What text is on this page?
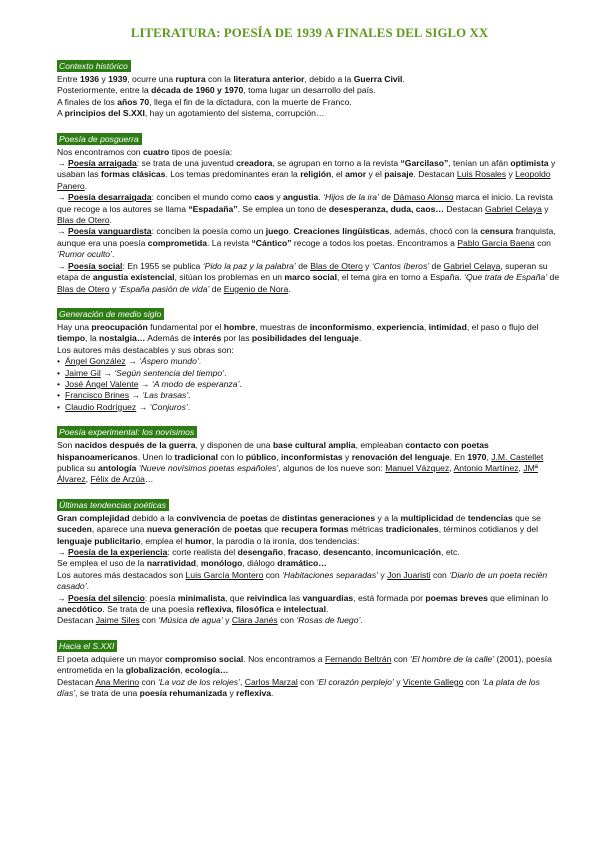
LITERATURA: POESÍA DE 1939 A FINALES DEL SIGLO XX
Contexto histórico

Entre 1936 y 1939, ocurre una ruptura con la literatura anterior, debido a la Guerra Civil.

Posteriormente, entre la década de 1960 y 1970, toma lugar un desarrollo del país.

A finales de los años 70, llega el fin de la dictadura, con la muerte de Franco.

A principios del S.XXI, hay un agotamiento del sistema, corrupción…

Poesía de posguerra

Nos encontramos con cuatro tipos de poesía:

→ Poesía arraigada: se trata de una juventud creadora, se agrupan en torno a la revista “Garcilaso”, tenían un afán optimista y usaban las formas clásicas. Los temas predominantes eran la religión, el amor y el paisaje. Destacan Luis Rosales y Leopoldo Panero.

→ Poesía desarraigada: conciben el mundo como caos y angustia. ‘Hijos de la ira’ de Dámaso Alonso marca el inicio. La revista que recoge a los autores se llama “Espadaña”. Se emplea un tono de desesperanza, duda, caos… Destacan Gabriel Celaya y Blas de Otero.

→ Poesía vanguardista: conciben la poesía como un juego. Creaciones lingüísticas, además, chocó con la censura franquista, aunque era una poesía comprometida. La revista “Cántico” recoge a todos los poetas. Encontramos a Pablo García Baena con ‘Rumor oculto’.

→ Poesía social: En 1955 se publica ‘Pido la paz y la palabra’ de Blas de Otero y ‘Cantos íberos’ de Gabriel Celaya, superan su etapa de angustia existencial, sitúan los problemas en un marco social, el tema gira en torno a España. ‘Que trata de España’ de Blas de Otero y ‘España pasión de vida’ de Eugenio de Nora.

Generación de medio siglo

Hay una preocupación fundamental por el hombre, muestras de inconformismo, experiencia, intimidad, el paso o flujo del tiempo, la nostalgia… Además de interés por las posibilidades del lenguaje.

Los autores más destacables y sus obras son:

• Ángel González → ‘Áspero mundo’.

• Jaime Gil → ‘Según sentencia del tiempo’.

• José Ángel Valente → ‘A modo de esperanza’.

• Francisco Brines → ‘Las brasas’.

• Claudio Rodríguez → ‘Conjuros’.

Poesía experimental: los novísimos

Son nacidos después de la guerra, y disponen de una base cultural amplia, empleaban contacto con poetas hispanoamericanos. Unen lo tradicional con lo público, inconformistas y renovación del lenguaje. En 1970, J.M. Castellet publica su antología ‘Nueve novísimos poetas españoles’, algunos de los nueve son: Manuel Vázquez, Antonio Martínez, JMª Álvarez, Félix de Arzúa…

Últimas tendencias poéticas

Gran complejidad debido a la convivencia de poetas de distintas generaciones y a la multiplicidad de tendencias que se suceden, aparece una nueva generación de poetas que recupera formas métricas tradicionales, términos cotidianos y del lenguaje publicitario, emplea el humor, la parodia o la ironía, dos tendencias:

→ Poesía de la experiencia: corte realista del desengaño, fracaso, desencanto, incomunicación, etc.

Se emplea el uso de la narratividad, monólogo, diálogo dramático…

Los autores más destacados son Luis García Montero con ‘Habitaciones separadas’ y Jon Juaristi con ‘Diario de un poeta recién casado’.

→ Poesía del silencio: poesía minimalista, que reivindica las vanguardias, está formada por poemas breves que eliminan lo anecdótico. Se trata de una poesía reflexiva, filosófica e intelectual.

Destacan Jaime Siles con ‘Música de agua’ y Clara Janés con ‘Rosas de fuego’.

Hacia el S.XXI

El poeta adquiere un mayor compromiso social. Nos encontramos a Fernando Beltrán con ‘El hombre de la calle’ (2001), poesía entrometida en la globalización, ecología…

Destacan Ana Merino con ‘La voz de los relojes’, Carlos Marzal con ‘El corazón perplejo’ y Vicente Gallego con ‘La plata de los días’, se trata de una poesía rehumanizada y reflexiva.
